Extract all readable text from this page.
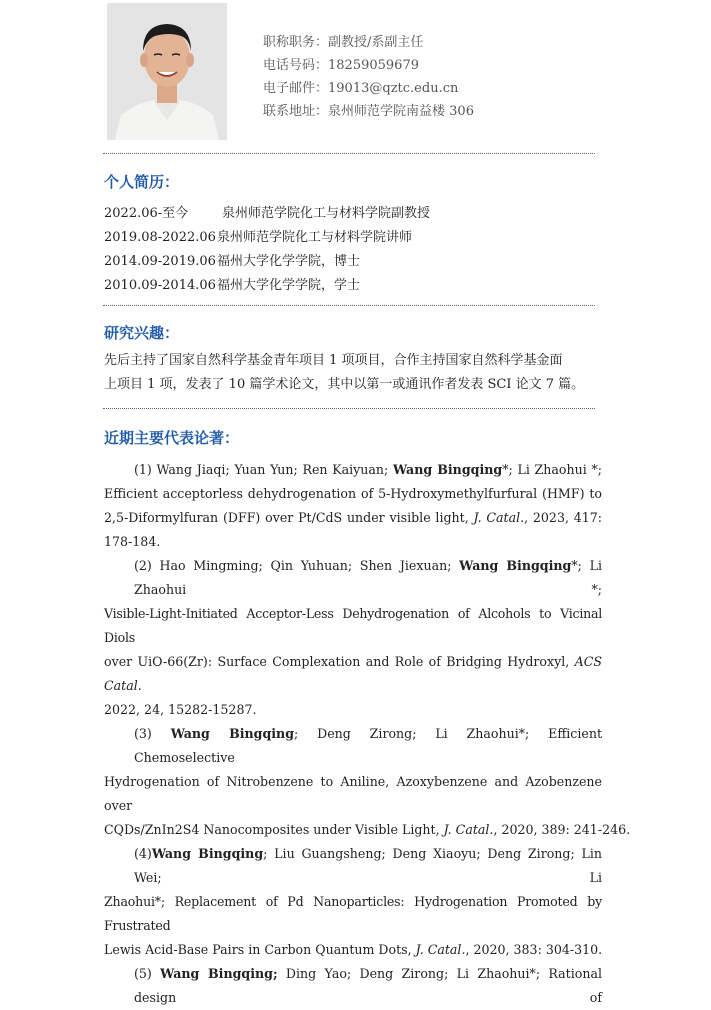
职称职务：副教授/系副主任
电话号码：18259059679
电子邮件：19013@qztc.edu.cn
联系地址：泉州师范学院南益楼 306
个人简历：
2022.06-至今	泉州师范学院化工与材料学院副教授
2019.08-2022.06 泉州师范学院化工与材料学院讲师
2014.09-2019.06 福州大学化学学院，博士
2010.09-2014.06 福州大学化学学院，学士
研究兴趣：
先后主持了国家自然科学基金青年项目 1 项项目，合作主持国家自然科学基金面
上项目 1 项，发表了 10 篇学术论文，其中以第一或通讯作者发表 SCI 论文 7 篇。
近期主要代表论著：
(1) Wang Jiaqi; Yuan Yun; Ren Kaiyuan; Wang Bingqing*; Li Zhaohui *;
Efficient acceptorless dehydrogenation of 5-Hydroxymethylfurfural (HMF) to
2,5-Diformylfuran (DFF) over Pt/CdS under visible light, J. Catal., 2023, 417:
178-184.
(2) Hao Mingming; Qin Yuhuan; Shen Jiexuan; Wang Bingqing*; Li Zhaohui *;
Visible-Light-Initiated Acceptor-Less Dehydrogenation of Alcohols to Vicinal Diols
over UiO-66(Zr): Surface Complexation and Role of Bridging Hydroxyl, ACS Catal.
2022, 24, 15282-15287.
(3) Wang Bingqing; Deng Zirong; Li Zhaohui*; Efficient Chemoselective
Hydrogenation of Nitrobenzene to Aniline, Azoxybenzene and Azobenzene over
CQDs/ZnIn2S4 Nanocomposites under Visible Light, J. Catal., 2020, 389: 241-246.
(4)Wang Bingqing; Liu Guangsheng; Deng Xiaoyu; Deng Zirong; Lin Wei; Li
Zhaohui*; Replacement of Pd Nanoparticles: Hydrogenation Promoted by Frustrated
Lewis Acid-Base Pairs in Carbon Quantum Dots, J. Catal., 2020, 383: 304-310.
(5) Wang Bingqing; Ding Yao; Deng Zirong; Li Zhaohui*; Rational design of
